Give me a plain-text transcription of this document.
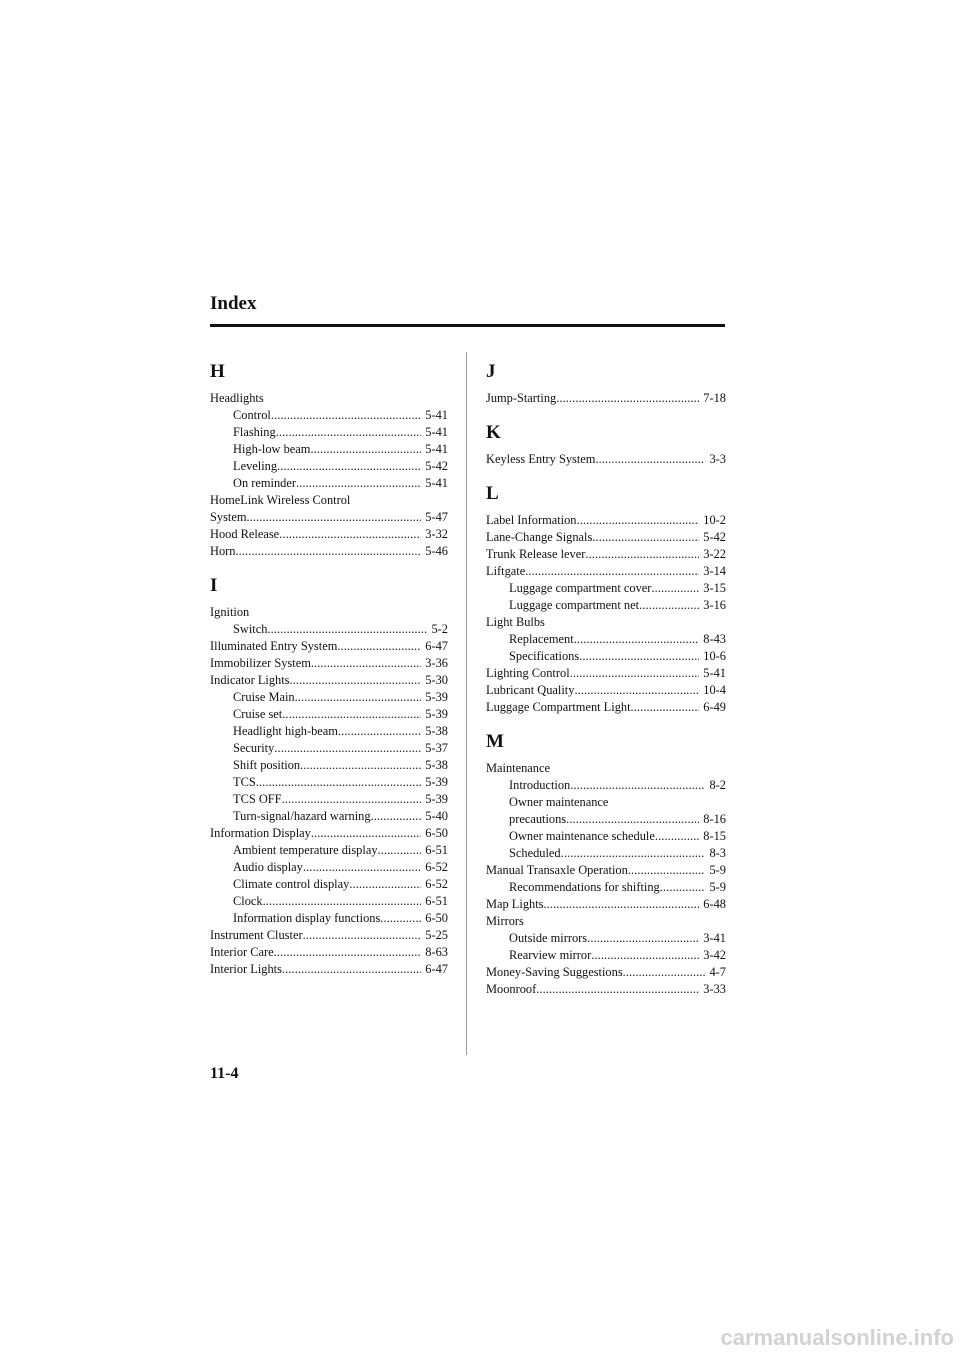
Index
H
Headlights
Control . . .	5-41
Flashing . . .	5-41
High-low beam . . .	5-41
Leveling . . .	5-42
On reminder . . .	5-41
HomeLink Wireless Control
System . . .	5-47
Hood Release . . .	3-32
Horn . . .	5-46
I
Ignition
Switch . . .	5-2
Illuminated Entry System . . .	6-47
Immobilizer System . . .	3-36
Indicator Lights . . .	5-30
Cruise Main . . .	5-39
Cruise set . . .	5-39
Headlight high-beam . . .	5-38
Security . . .	5-37
Shift position . . .	5-38
TCS . . .	5-39
TCS OFF . . .	5-39
Turn-signal/hazard warning . . .	5-40
Information Display . . .	6-50
Ambient temperature display . . .	6-51
Audio display . . .	6-52
Climate control display . . .	6-52
Clock . . .	6-51
Information display functions . . .	6-50
Instrument Cluster . . .	5-25
Interior Care . . .	8-63
Interior Lights . . .	6-47
J
Jump-Starting . . .	7-18
K
Keyless Entry System . . .	3-3
L
Label Information . . .	10-2
Lane-Change Signals . . .	5-42
Trunk Release lever . . .	3-22
Liftgate . . .	3-14
Luggage compartment cover . . .	3-15
Luggage compartment net . . .	3-16
Light Bulbs
Replacement . . .	8-43
Specifications . . .	10-6
Lighting Control . . .	5-41
Lubricant Quality . . .	10-4
Luggage Compartment Light . . .	6-49
M
Maintenance
Introduction . . .	8-2
Owner maintenance
precautions . . .	8-16
Owner maintenance schedule . . .	8-15
Scheduled . . .	8-3
Manual Transaxle Operation . . .	5-9
Recommendations for shifting . . .	5-9
Map Lights . . .	6-48
Mirrors
Outside mirrors . . .	3-41
Rearview mirror . . .	3-42
Money-Saving Suggestions . . .	4-7
Moonroof . . .	3-33
11-4
carmanualsonline.info
